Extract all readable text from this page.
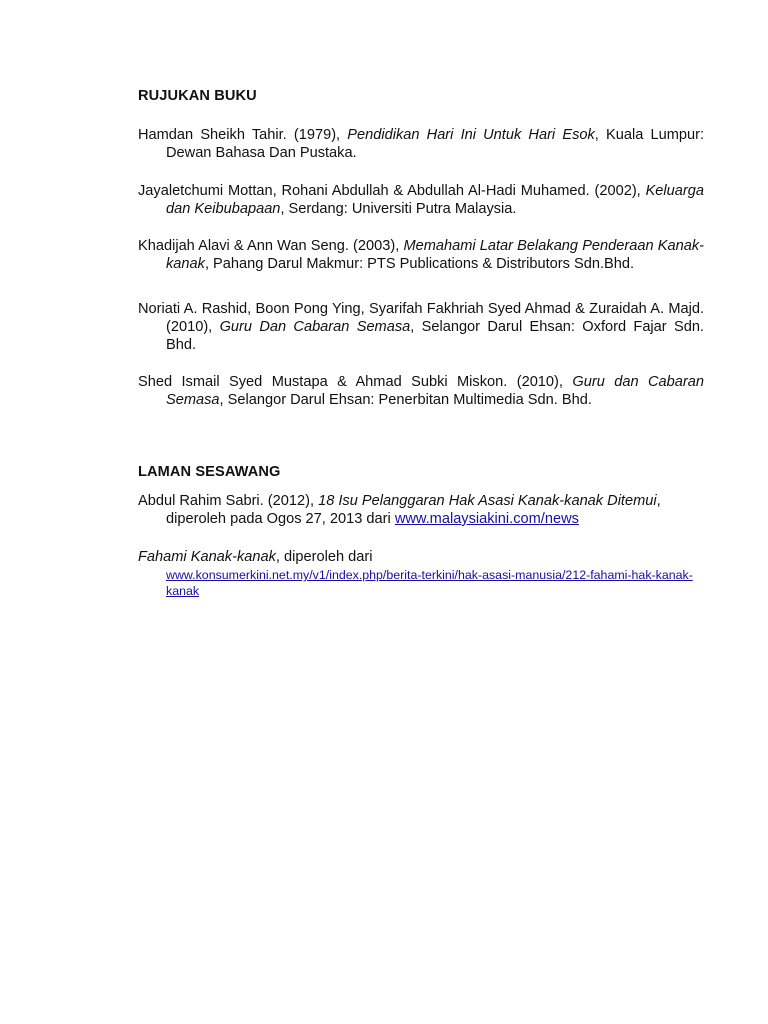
RUJUKAN BUKU

Hamdan Sheikh Tahir. (1979), Pendidikan Hari Ini Untuk Hari Esok, Kuala Lumpur: Dewan Bahasa Dan Pustaka.

Jayaletchumi Mottan, Rohani Abdullah & Abdullah Al-Hadi Muhamed. (2002), Keluarga dan Keibubapaan, Serdang: Universiti Putra Malaysia.

Khadijah Alavi & Ann Wan Seng. (2003), Memahami Latar Belakang Penderaan Kanak-kanak, Pahang Darul Makmur: PTS Publications & Distributors Sdn.Bhd.

Noriati A. Rashid, Boon Pong Ying, Syarifah Fakhriah Syed Ahmad & Zuraidah A. Majd. (2010), Guru Dan Cabaran Semasa, Selangor Darul Ehsan: Oxford Fajar Sdn. Bhd.

Shed Ismail Syed Mustapa & Ahmad Subki Miskon. (2010), Guru dan Cabaran Semasa, Selangor Darul Ehsan: Penerbitan Multimedia Sdn. Bhd.

LAMAN SESAWANG

Abdul Rahim Sabri. (2012), 18 Isu Pelanggaran Hak Asasi Kanak-kanak Ditemui, diperoleh pada Ogos 27, 2013 dari www.malaysiakini.com/news

Fahami Kanak-kanak, diperoleh dari
www.konsumerkini.net.my/v1/index.php/berita-terkini/hak-asasi-manusia/212-fahami-hak-kanak-kanak
